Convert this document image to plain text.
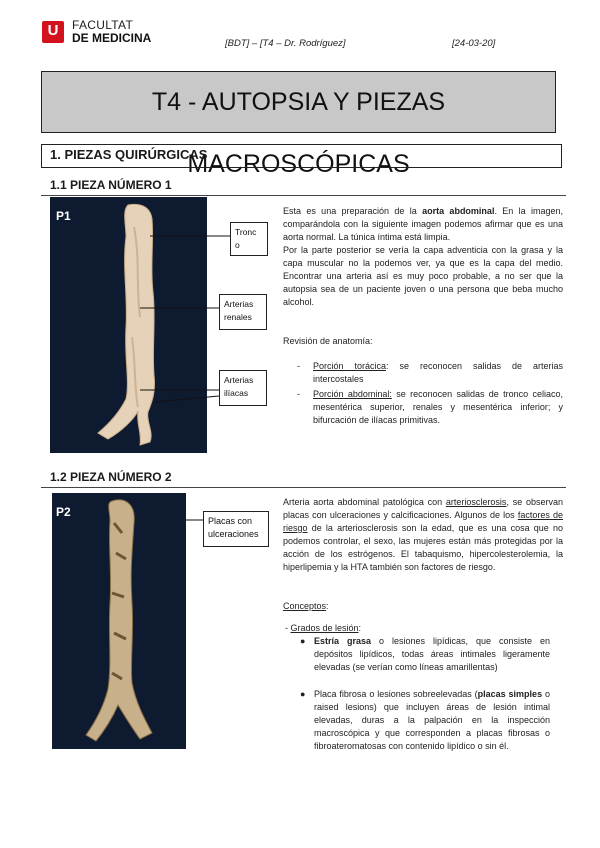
U FACULTAT
DE MEDICINA	[BDT] – [T4 – Dr. Rodríguez]	[24-03-20]
T4 - AUTOPSIA Y PIEZAS MACROSCÓPICAS
1. PIEZAS QUIRÚRGICAS
1.1 PIEZA NÚMERO 1
P1
Tronc o
Arterias renales
Arterias ilíacas
Esta es una preparación de la aorta abdominal. En la imagen, comparándola con la siguiente imagen podemos afirmar que es una aorta normal. La túnica íntima está limpia.
Por la parte posterior se vería la capa adventicia con la grasa y la capa muscular no la podemos ver, ya que es la capa del medio. Encontrar una arteria así es muy poco probable, a no ser que la autopsia sea de un paciente joven o una persona que beba mucho alcohol.
Revisión de anatomía:
- Porción torácica: se reconocen salidas de arterias intercostales
- Porción abdominal: se reconocen salidas de tronco celiaco, mesentérica superior, renales y mesentérica inferior; y bifurcación de ilíacas primitivas.
1.2 PIEZA NÚMERO 2
P2
Placas con ulceraciones
Arteria aorta abdominal patológica con arteriosclerosis, se observan placas con ulceraciones y calcificaciones. Algunos de los factores de riesgo de la arteriosclerosis son la edad, que es una cosa que no podemos controlar, el sexo, las mujeres están más protegidas por la acción de los estrógenos. El tabaquismo, hipercolesterolemia, la hiperlipemia y la HTA también son factores de riesgo.
Conceptos:
- Grados de lesión:
● Estría grasa o lesiones lipídicas, que consiste en depósitos lipídicos, todas áreas intimales ligeramente elevadas (se verían como líneas amarillentas)
● Placa fibrosa o lesiones sobreelevadas (placas simples o raised lesions) que incluyen áreas de lesión intimal elevadas, duras a la palpación en la inspección macroscópica y que corresponden a placas fibrosas o fibroateromatosas con contenido lipídico o sin él.
